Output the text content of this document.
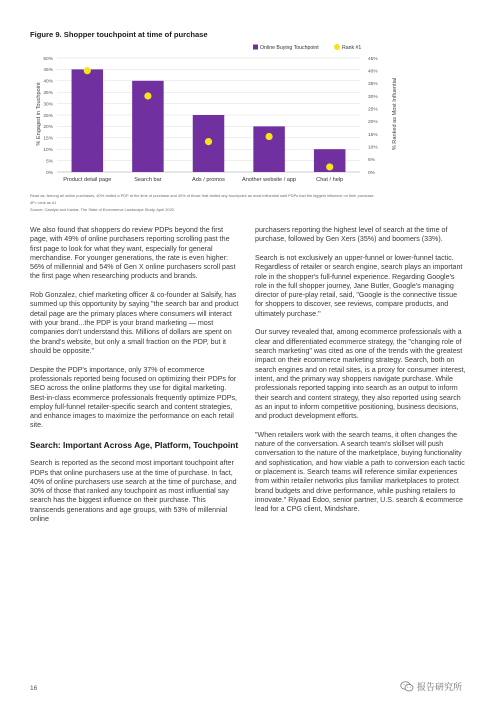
Figure 9. Shopper touchpoint at time of purchase
0%
5%
10%
15%
20%
25%
30%
35%
40%
45%
50%
0%
5%
10%
15%
20%
25%
30%
35%
40%
45%
Product detail page	Search bar	Ads / promos	Another website / app	Chat / help
% Engaged in Touchpoint	% Ranked as Most Influential
Online Buying Touchpoint	Rank #1
Read as: Among all online purchases, 40% visited a PDP at the time of purchase and 40% of those that visited any touchpoint as most influential said PDPs had the biggest influence on their purchase.
4P= rank as #1
Source: Catalyst and Kantar, The State of Ecommerce Landscape Study, April 2020.

We also found that shoppers do review PDPs beyond the first page, with 49% of online purchasers reporting scrolling past the first page to look for what they want, especially for general merchandise. For younger generations, the rate is even higher: 56% of millennial and 54% of Gen X online purchasers scroll past the first page when researching products and brands.

Rob Gonzalez, chief marketing officer & co-founder at Salsify, has summed up this opportunity by saying "the search bar and product detail page are the primary places where consumers will interact with your brand...the PDP is your brand marketing — most companies don't understand this. Millions of dollars are spent on the brand's website, but only a small fraction on the PDP, but it should be opposite."

Despite the PDP's importance, only 37% of ecommerce professionals reported being focused on optimizing their PDPs for SEO across the online platforms they use for digital marketing. Best-in-class ecommerce professionals frequently optimize PDPs, employ full-funnel retailer-specific search and content strategies, and enhance images to maximize the performance on each retail site.

Search: Important Across Age, Platform, Touchpoint

Search is reported as the second most important touchpoint after PDPs that online purchasers use at the time of purchase. In fact, 40% of online purchasers use search at the time of purchase, and 30% of those that ranked any touchpoint as most influential say search has the biggest influence on their purchase. This transcends generations and age groups, with 53% of millennial online

purchasers reporting the highest level of search at the time of purchase, followed by Gen Xers (35%) and boomers (33%).

Search is not exclusively an upper-funnel or lower-funnel tactic. Regardless of retailer or search engine, search plays an important role in the shopper's full-funnel experience. Regarding Google's role in the full shopper journey, Jane Butler, Google's managing director of pure-play retail, said, "Google is the connective tissue for shoppers to discover, see reviews, compare products, and ultimately purchase."

Our survey revealed that, among ecommerce professionals with a clear and differentiated ecommerce strategy, the "changing role of search marketing" was cited as one of the trends with the greatest impact on their ecommerce marketing strategy. Search, both on search engines and on retail sites, is a proxy for consumer interest, intent, and the primary way shoppers navigate purchase. While professionals reported tapping into search as an output to inform their search and content strategy, they also reported using search as an input to inform competitive positioning, business decisions, and product development efforts.

"When retailers work with the search teams, it often changes the nature of the conversation. A search team's skillset will push conversation to the nature of the marketplace, buying functionality and sophistication, and how viable a path to conversion each tactic or placement is. Search teams will reference similar experiences from within retailer networks plus familiar marketplaces to protect brand budgets and drive performance, while pushing retailers to innovate." Riyaad Edoo, senior partner, U.S. search & ecommerce lead for a CPG client, Mindshare.

16	报告研究所
